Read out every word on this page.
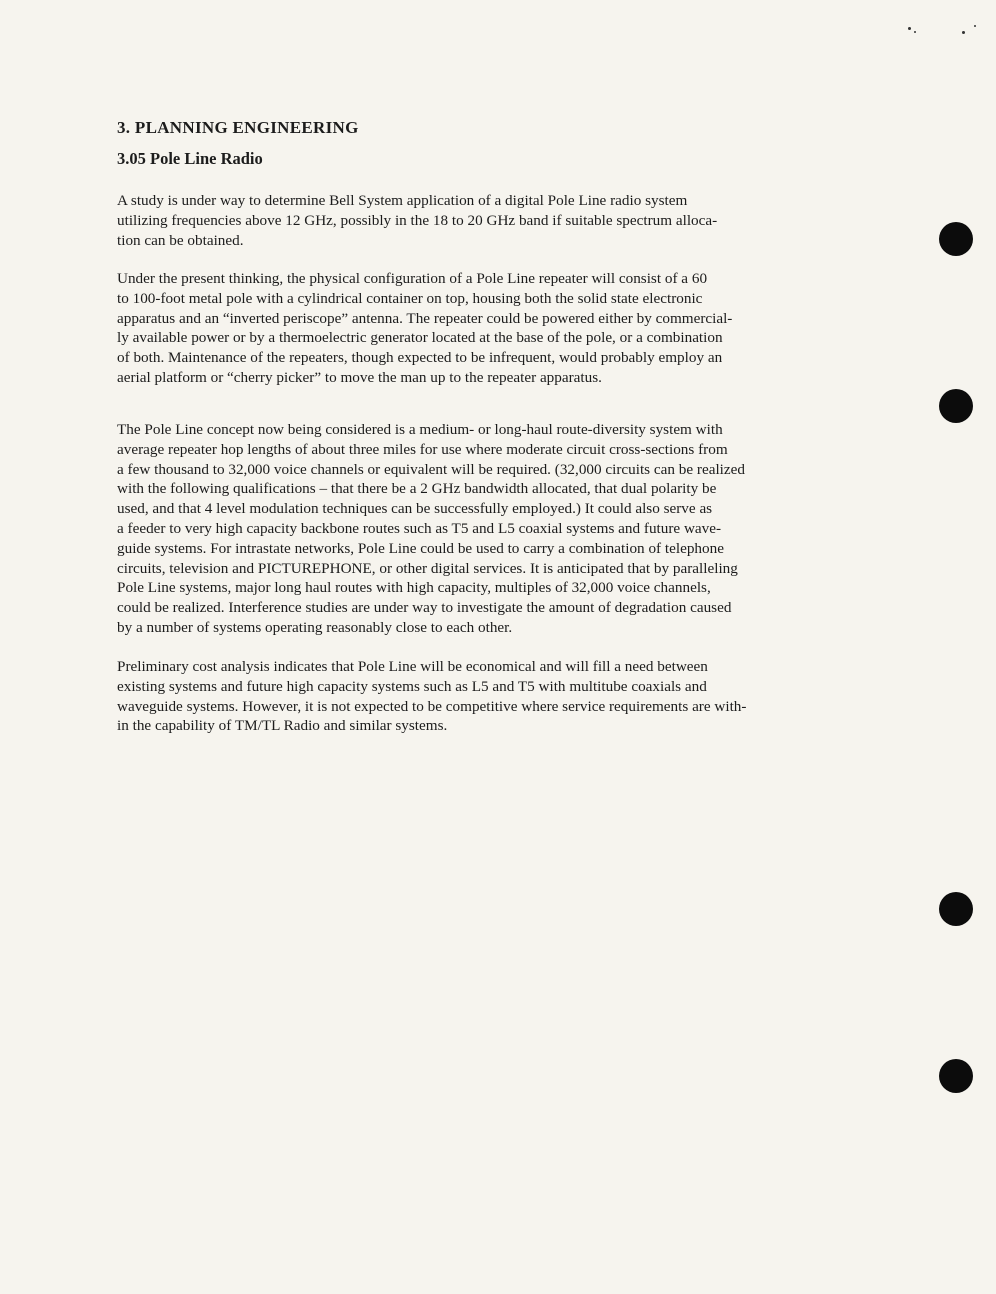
3. PLANNING ENGINEERING
3.05 Pole Line Radio

A study is under way to determine Bell System application of a digital Pole Line radio system
utilizing frequencies above 12 GHz, possibly in the 18 to 20 GHz band if suitable spectrum alloca-
tion can be obtained.

Under the present thinking, the physical configuration of a Pole Line repeater will consist of a 60
to 100-foot metal pole with a cylindrical container on top, housing both the solid state electronic
apparatus and an “inverted periscope” antenna. The repeater could be powered either by commercial-
ly available power or by a thermoelectric generator located at the base of the pole, or a combination
of both. Maintenance of the repeaters, though expected to be infrequent, would probably employ an
aerial platform or “cherry picker” to move the man up to the repeater apparatus.

The Pole Line concept now being considered is a medium- or long-haul route-diversity system with
average repeater hop lengths of about three miles for use where moderate circuit cross-sections from
a few thousand to 32,000 voice channels or equivalent will be required. (32,000 circuits can be realized
with the following qualifications – that there be a 2 GHz bandwidth allocated, that dual polarity be
used, and that 4 level modulation techniques can be successfully employed.) It could also serve as
a feeder to very high capacity backbone routes such as T5 and L5 coaxial systems and future wave-
guide systems. For intrastate networks, Pole Line could be used to carry a combination of telephone
circuits, television and PICTUREPHONE, or other digital services. It is anticipated that by paralleling
Pole Line systems, major long haul routes with high capacity, multiples of 32,000 voice channels,
could be realized. Interference studies are under way to investigate the amount of degradation caused
by a number of systems operating reasonably close to each other.

Preliminary cost analysis indicates that Pole Line will be economical and will fill a need between
existing systems and future high capacity systems such as L5 and T5 with multitube coaxials and
waveguide systems. However, it is not expected to be competitive where service requirements are with-
in the capability of TM/TL Radio and similar systems.
